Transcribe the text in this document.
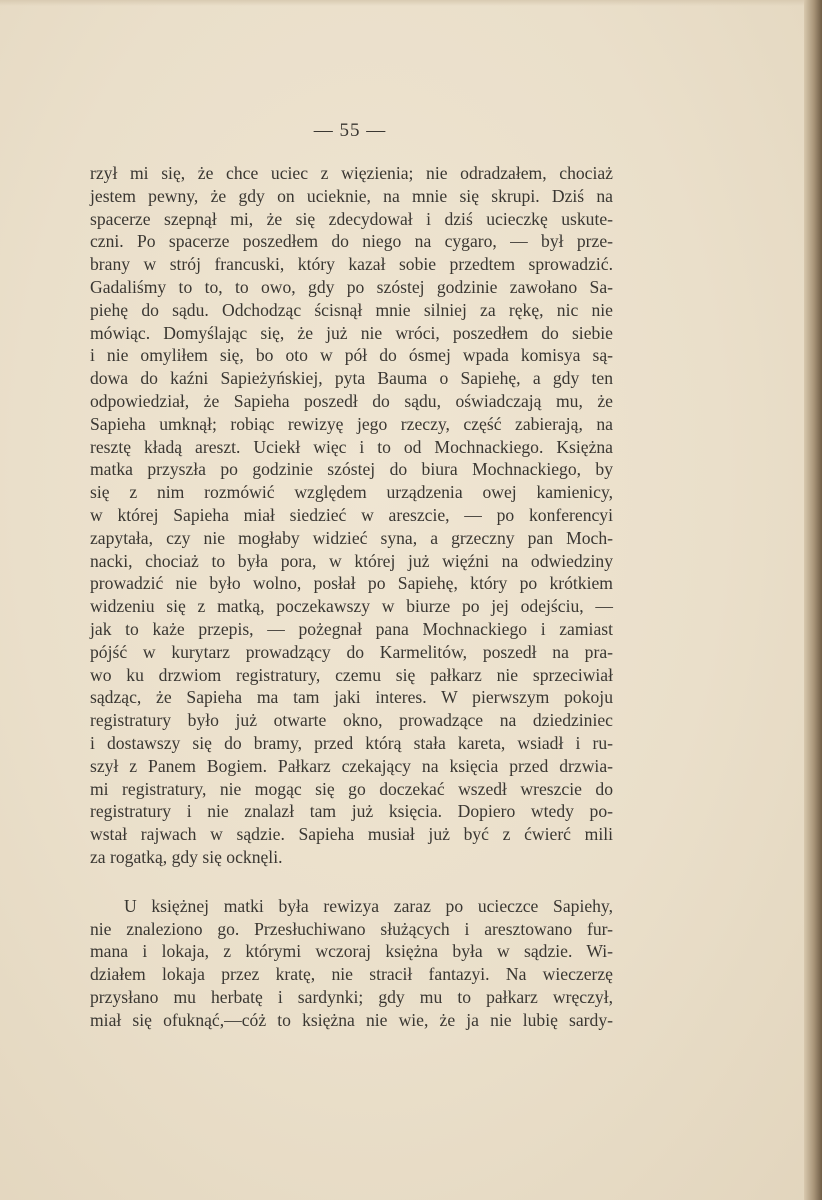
— 55 —
rzył mi się, że chce uciec z więzienia; nie odradzałem, chociaż
jestem pewny, że gdy on ucieknie, na mnie się skrupi. Dziś na
spacerze szepnął mi, że się zdecydował i dziś ucieczkę uskute-
czni. Po spacerze poszedłem do niego na cygaro, — był prze-
brany w strój francuski, który kazał sobie przedtem sprowadzić.
Gadaliśmy to to, to owo, gdy po szóstej godzinie zawołano Sa-
piehę do sądu. Odchodząc ścisnął mnie silniej za rękę, nic nie
mówiąc. Domyślając się, że już nie wróci, poszedłem do siebie
i nie omyliłem się, bo oto w pół do ósmej wpada komisya są-
dowa do kaźni Sapieżyńskiej, pyta Bauma o Sapiehę, a gdy ten
odpowiedział, że Sapieha poszedł do sądu, oświadczają mu, że
Sapieha umknął; robiąc rewizyę jego rzeczy, część zabierają, na
resztę kładą areszt. Uciekł więc i to od Mochnackiego. Księżna
matka przyszła po godzinie szóstej do biura Mochnackiego, by
się z nim rozmówić względem urządzenia owej kamienicy,
w której Sapieha miał siedzieć w areszcie, — po konferencyi
zapytała, czy nie mogłaby widzieć syna, a grzeczny pan Moch-
nacki, chociaż to była pora, w której już więźni na odwiedziny
prowadzić nie było wolno, posłał po Sapiehę, który po krótkiem
widzeniu się z matką, poczekawszy w biurze po jej odejściu, —
jak to każe przepis, — pożegnał pana Mochnackiego i zamiast
pójść w kurytarz prowadzący do Karmelitów, poszedł na pra-
wo ku drzwiom registratury, czemu się pałkarz nie sprzeciwiał
sądząc, że Sapieha ma tam jaki interes. W pierwszym pokoju
registratury było już otwarte okno, prowadzące na dziedziniec
i dostawszy się do bramy, przed którą stała kareta, wsiadł i ru-
szył z Panem Bogiem. Pałkarz czekający na księcia przed drzwia-
mi registratury, nie mogąc się go doczekać wszedł wreszcie do
registratury i nie znalazł tam już księcia. Dopiero wtedy po-
wstał rajwach w sądzie. Sapieha musiał już być z ćwierć mili
za rogatką, gdy się ocknęli.
U księżnej matki była rewizya zaraz po ucieczce Sapiehy,
nie znaleziono go. Przesłuchiwano służących i aresztowano fur-
mana i lokaja, z którymi wczoraj księżna była w sądzie. Wi-
działem lokaja przez kratę, nie stracił fantazyi. Na wieczerzę
przysłano mu herbatę i sardynki; gdy mu to pałkarz wręczył,
miał się ofuknąć,—cóż to księżna nie wie, że ja nie lubię sardy-
